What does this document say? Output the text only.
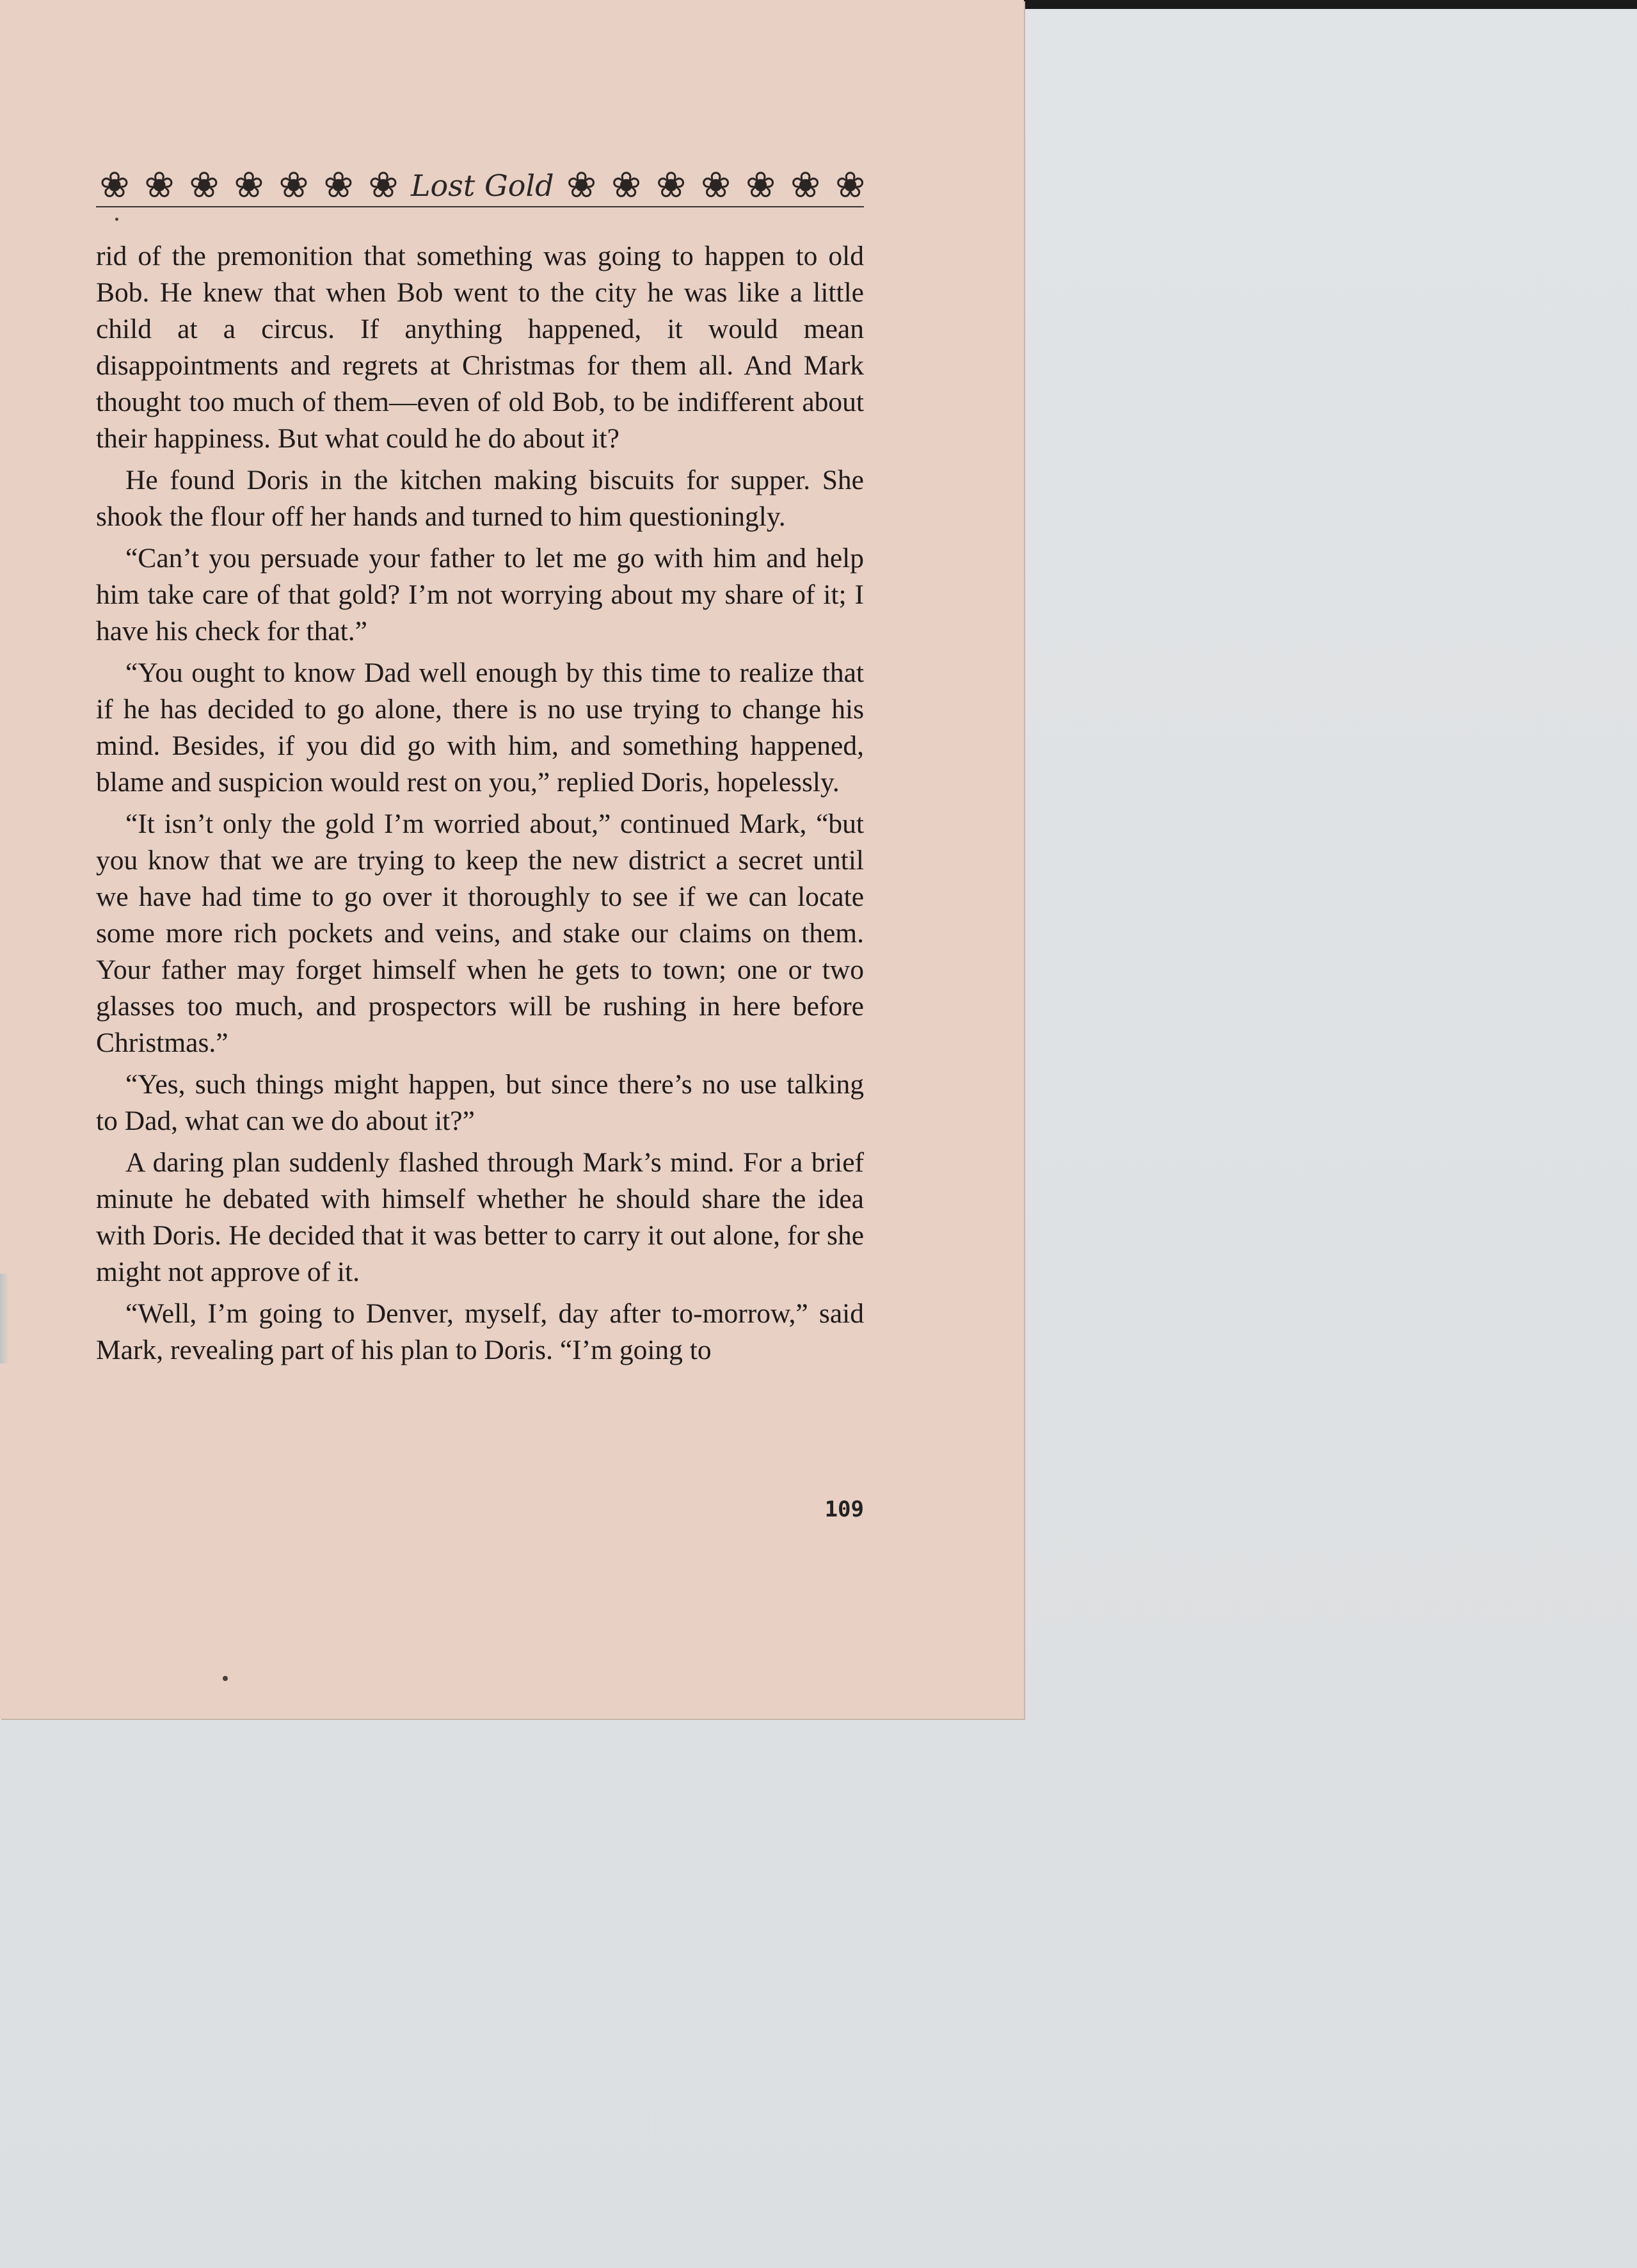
❀ ❀ ❀ ❀ ❀ ❀ ❀ Lost Gold ❀ ❀ ❀ ❀ ❀ ❀ ❀

rid of the premonition that something was going to happen to old Bob. He knew that when Bob went to the city he was like a little child at a circus. If anything happened, it would mean disappointments and regrets at Christmas for them all. And Mark thought too much of them—even of old Bob, to be indifferent about their happiness. But what could he do about it?

He found Doris in the kitchen making biscuits for supper. She shook the flour off her hands and turned to him questioningly.

“Can’t you persuade your father to let me go with him and help him take care of that gold? I’m not worrying about my share of it; I have his check for that.”

“You ought to know Dad well enough by this time to realize that if he has decided to go alone, there is no use trying to change his mind. Besides, if you did go with him, and something happened, blame and suspicion would rest on you,” replied Doris, hopelessly.

“It isn’t only the gold I’m worried about,” continued Mark, “but you know that we are trying to keep the new district a secret until we have had time to go over it thoroughly to see if we can locate some more rich pockets and veins, and stake our claims on them. Your father may forget himself when he gets to town; one or two glasses too much, and prospectors will be rushing in here before Christmas.”

“Yes, such things might happen, but since there’s no use talking to Dad, what can we do about it?”

A daring plan suddenly flashed through Mark’s mind. For a brief minute he debated with himself whether he should share the idea with Doris. He decided that it was better to carry it out alone, for she might not approve of it.

“Well, I’m going to Denver, myself, day after to-morrow,” said Mark, revealing part of his plan to Doris. “I’m going to

109
